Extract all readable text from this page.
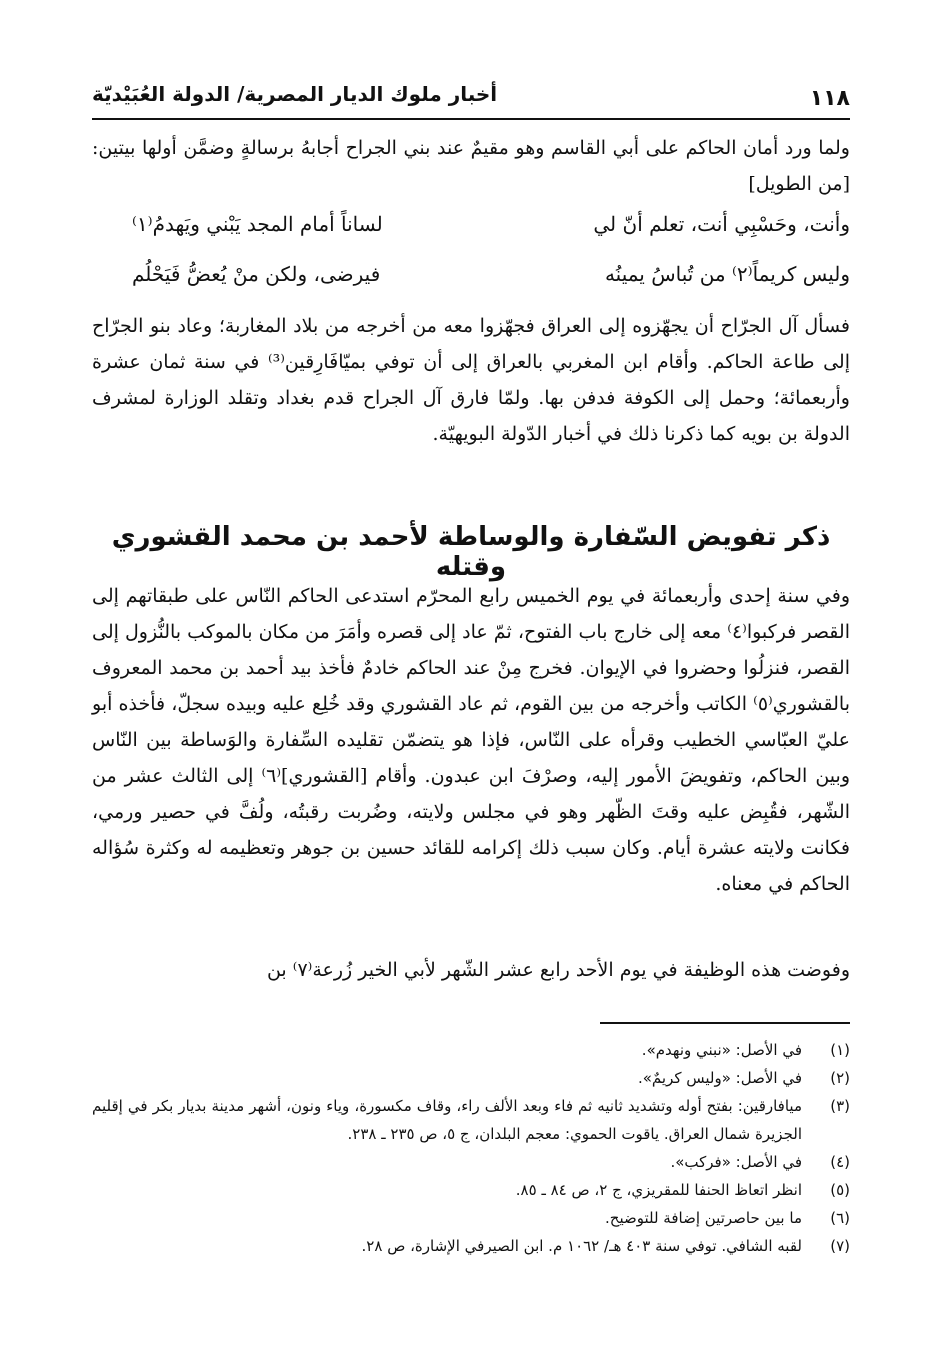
١١٨
أخبار ملوك الديار المصرية/ الدولة العُبَيْديّة
ولما ورد أمان الحاكم على أبي القاسم وهو مقيمٌ عند بني الجراح أجابهُ برسالةٍ وضمَّن أولها بيتين: [من الطويل]
وأنت، وحَسْبِي أنت، تعلم أنّ لي
لساناً أمام المجد يَبْني ويَهدمُ⁽١⁾
وليس كريماً⁽٢⁾ من تُباسُ يمينُه
فيرضى، ولكن منْ يُعضُّ فَيَحْلُم
فسأل آل الجرّاح أن يجهّزوه إلى العراق فجهّزوا معه من أخرجه من بلاد المغاربة؛ وعاد بنو الجرّاح إلى طاعة الحاكم. وأقام ابن المغربي بالعراق إلى أن توفي بميّافَارِقين⁽³⁾ في سنة ثمان عشرة وأربعمائة؛ وحمل إلى الكوفة فدفن بها. ولمّا فارق آل الجراح قدم بغداد وتقلد الوزارة لمشرف الدولة بن بويه كما ذكرنا ذلك في أخبار الدّولة البويهيّة.
ذكر تفويض السّفارة والوساطة لأحمد بن محمد القشوري وقتله
وفي سنة إحدى وأربعمائة في يوم الخميس رابع المحرّم استدعى الحاكم النّاس على طبقاتهم إلى القصر فركبوا⁽٤⁾ معه إلى خارج باب الفتوح، ثمّ عاد إلى قصره وأمَرَ من مكان بالموكب بالنُّزول إلى القصر، فنزلُوا وحضروا في الإيوان. فخرج مِنْ عند الحاكم خادمٌ فأخذ بيد أحمد بن محمد المعروف بالقشوري⁽٥⁾ الكاتب وأخرجه من بين القوم، ثم عاد القشوري وقد خُلِع عليه وبيده سجلّ، فأخذه أبو عليّ العبّاسي الخطيب وقرأه على النّاس، فإذا هو يتضمّن تقليده السِّفارة والوَساطة بين النّاس وبين الحاكم، وتفويضَ الأمور إليه، وصرْفَ ابن عبدون. وأقام [القشوري]⁽٦⁾ إلى الثالث عشر من الشّهر، فقُبِض عليه وقتَ الظّهر وهو في مجلس ولايته، وضُربت رقبتُه، ولُفَّ في حصير ورمي، فكانت ولايته عشرة أيام. وكان سبب ذلك إكرامه للقائد حسين بن جوهر وتعظيمه له وكثرة سُؤاله الحاكم في معناه.
وفوضت هذه الوظيفة في يوم الأحد رابع عشر الشّهر لأبي الخير زُرعة⁽٧⁾ بن
(١)
في الأصل: «نبني ونهدم».
(٢)
في الأصل: «وليس كريمٌ».
(٣)
ميافارقين: بفتح أوله وتشديد ثانيه ثم فاء وبعد الألف راء، وقاف مكسورة، وياء ونون، أشهر مدينة بديار بكر في إقليم الجزيرة شمال العراق. ياقوت الحموي: معجم البلدان، ج ٥، ص ٢٣٥ ـ ٢٣٨.
(٤)
في الأصل: «فركب».
(٥)
انظر اتعاظ الحنفا للمقريزي، ج ٢، ص ٨٤ ـ ٨٥.
(٦)
ما بين حاصرتين إضافة للتوضيح.
(٧)
لقبه الشافي. توفي سنة ٤٠٣ هـ/ ١٠٦٢ م. ابن الصيرفي الإشارة، ص ٢٨.
